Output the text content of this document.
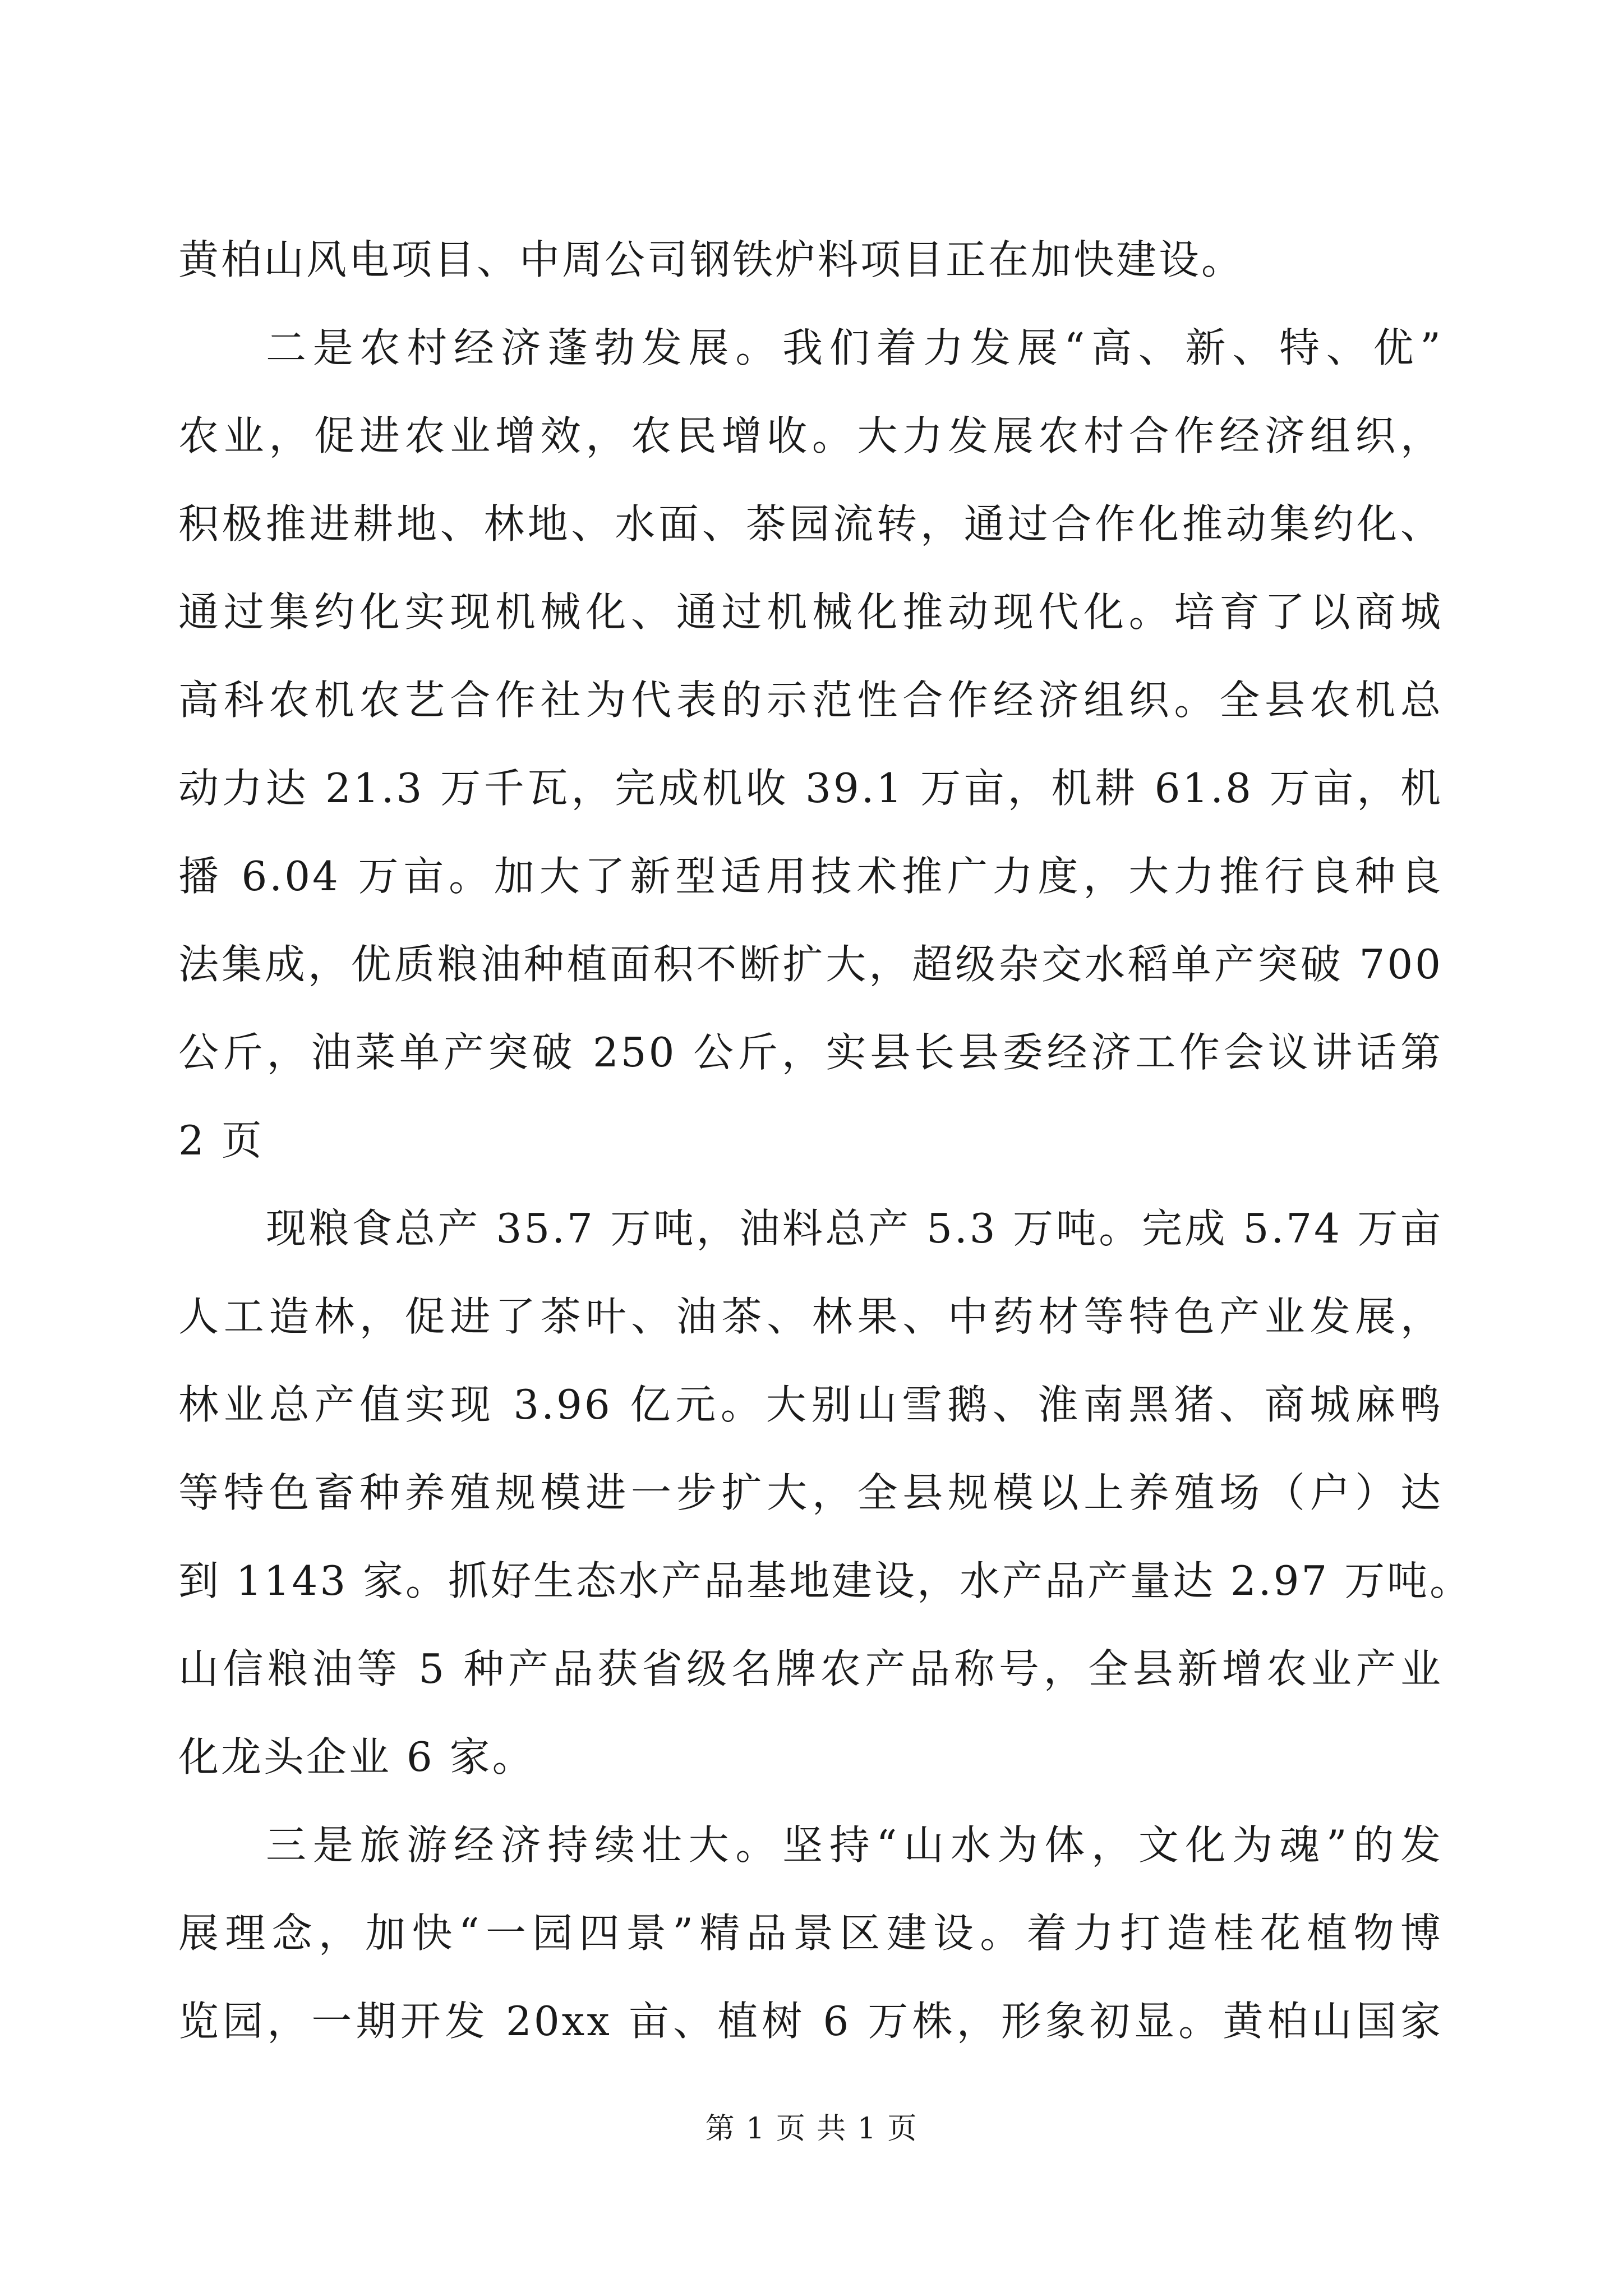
黄柏山风电项目、中周公司钢铁炉料项目正在加快建设。
二是农村经济蓬勃发展。我们着力发展“高、新、特、优”
农业，促进农业增效，农民增收。大力发展农村合作经济组织，
积极推进耕地、林地、水面、茶园流转，通过合作化推动集约化、
通过集约化实现机械化、通过机械化推动现代化。培育了以商城
高科农机农艺合作社为代表的示范性合作经济组织。全县农机总
动力达 21.3 万千瓦，完成机收 39.1 万亩，机耕 61.8 万亩，机
播 6.04 万亩。加大了新型适用技术推广力度，大力推行良种良
法集成，优质粮油种植面积不断扩大，超级杂交水稻单产突破 700
公斤，油菜单产突破 250 公斤，实县长县委经济工作会议讲话第
2 页
现粮食总产 35.7 万吨，油料总产 5.3 万吨。完成 5.74 万亩
人工造林，促进了茶叶、油茶、林果、中药材等特色产业发展，
林业总产值实现 3.96 亿元。大别山雪鹅、淮南黑猪、商城麻鸭
等特色畜种养殖规模进一步扩大，全县规模以上养殖场（户）达
到 1143 家。抓好生态水产品基地建设，水产品产量达 2.97 万吨。
山信粮油等 5 种产品获省级名牌农产品称号，全县新增农业产业
化龙头企业 6 家。
三是旅游经济持续壮大。坚持“山水为体，文化为魂”的发
展理念，加快“一园四景”精品景区建设。着力打造桂花植物博
览园，一期开发 20xx 亩、植树 6 万株，形象初显。黄柏山国家
第 1 页 共 1 页
